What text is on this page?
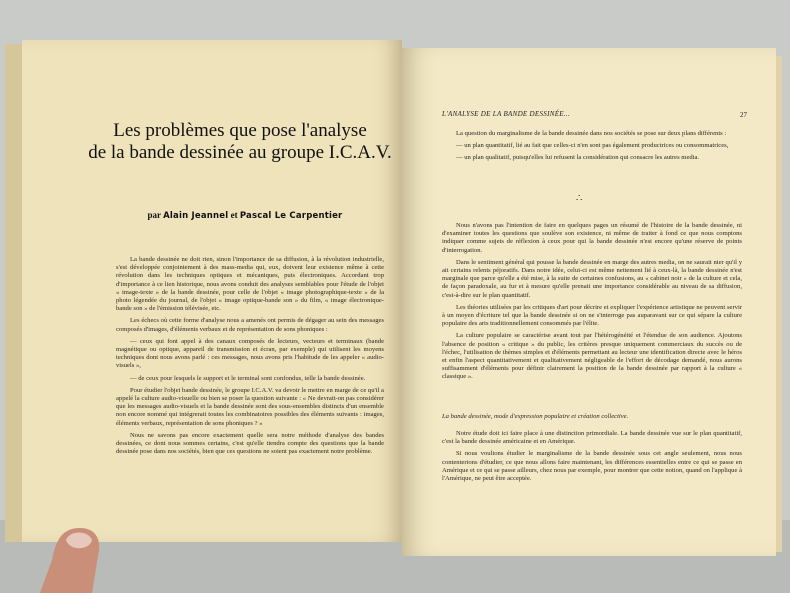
Les problèmes que pose l'analyse
de la bande dessinée au groupe I.C.A.V.
par Alain Jeannel et Pascal Le Carpentier

La bande dessinée ne doit rien, sinon l'importance de sa diffusion, à la révolution industrielle, s'est développée conjointement à des mass-media qui, eux, doivent leur existence même à cette révolution dans les techniques optiques et mécaniques, puis électroniques. Accordant trop d'importance à ce lien historique, nous avons conduit des analyses semblables pour l'étude de l'objet « image-texte » de la bande dessinée, pour celle de l'objet « image photographique-texte » de la photo légendée du journal, de l'objet « image optique-bande son » du film, « image électronique-bande son » de l'émission télévisée, etc.

Les échecs où cette forme d'analyse nous a amenés ont permis de dégager au sein des messages composés d'images, d'éléments verbaux et de représentation de sons phoniques :

— ceux qui font appel à des canaux composés de lecteurs, vecteurs et terminaux (bande magnétique ou optique, appareil de transmission et écran, par exemple) qui utilisent les moyens techniques dont nous avons parlé : ces messages, nous avons pris l'habitude de les appeler « audio-visuels »,

— de ceux pour lesquels le support et le terminal sont confondus, telle la bande dessinée.

Pour étudier l'objet bande dessinée, le groupe I.C.A.V. va devoir le mettre en marge de ce qu'il a appelé la culture audio-visuelle ou bien se poser la question suivante : « Ne devrait-on pas considérer que les messages audio-visuels et la bande dessinée sont des sous-ensembles distincts d'un ensemble non encore nommé qui intégrerait toutes les combinatoires possibles des éléments suivants : images, éléments verbaux, représentation de sons phoniques ? »

Nous ne savons pas encore exactement quelle sera notre méthode d'analyse des bandes dessinées, ce dont nous sommes certains, c'est qu'elle tiendra compte des questions que la bande dessinée pose dans nos sociétés, bien que ces questions ne soient pas exactement notre problème.

L'ANALYSE DE LA BANDE DESSINÉE...	27

La question du marginalisme de la bande dessinée dans nos sociétés se pose sur deux plans différents :

— un plan quantitatif, lié au fait que celles-ci n'en sont pas également productrices ou consommatrices,

— un plan qualitatif, puisqu'elles lui refusent la considération qui consacre les autres media.

∴

Nous n'avons pas l'intention de faire en quelques pages un résumé de l'histoire de la bande dessinée, ni d'examiner toutes les questions que soulève son existence, ni même de traiter à fond ce que nous comptons indiquer comme sujets de réflexion à ceux pour qui la bande dessinée n'est encore qu'une réserve de points d'interrogation.

Dans le sentiment général qui pousse la bande dessinée en marge des autres media, on ne saurait nier qu'il y ait certains relents péjoratifs. Dans notre idée, celui-ci est même nettement lié à ceux-là, la bande dessinée n'est marginale que parce qu'elle a été mise, à la suite de certaines confusions, au « cabinet noir » de la culture et cela, de façon paradoxale, au fur et à mesure qu'elle prenait une importance considérable au niveau de sa diffusion, c'est-à-dire sur le plan quantitatif.

Les théories utilisées par les critiques d'art pour décrire et expliquer l'expérience artistique ne peuvent servir à un moyen d'écriture tel que la bande dessinée si on ne s'interroge pas auparavant sur ce qui sépare la culture populaire des arts traditionnellement consommés par l'élite.

La culture populaire se caractérise avant tout par l'hétérogénéité et l'étendue de son audience. Ajoutons l'absence de position « critique » du public, les critères presque uniquement commerciaux du succès ou de l'échec, l'utilisation de thèmes simples et d'éléments permettant au lecteur une identification directe avec le héros et enfin l'aspect quantitativement et qualitativement négligeable de l'effort de décodage demandé, nous aurons suffisamment d'éléments pour définir clairement la position de la bande dessinée par rapport à la culture « classique ».

La bande dessinée, mode d'expression populaire et création collective.

Notre étude doit ici faire place à une distinction primordiale. La bande dessinée vue sur le plan quantitatif, c'est la bande dessinée américaine et en Amérique.

Si nous voulions étudier le marginalisme de la bande dessinée sous cet angle seulement, nous nous contenterions d'étudier, ce que nous allons faire maintenant, les différences essentielles entre ce qui se passe en Amérique et ce qui se passe ailleurs, chez nous par exemple, pour montrer que cette notion, quand on l'applique à l'Amérique, ne peut être acceptée.
